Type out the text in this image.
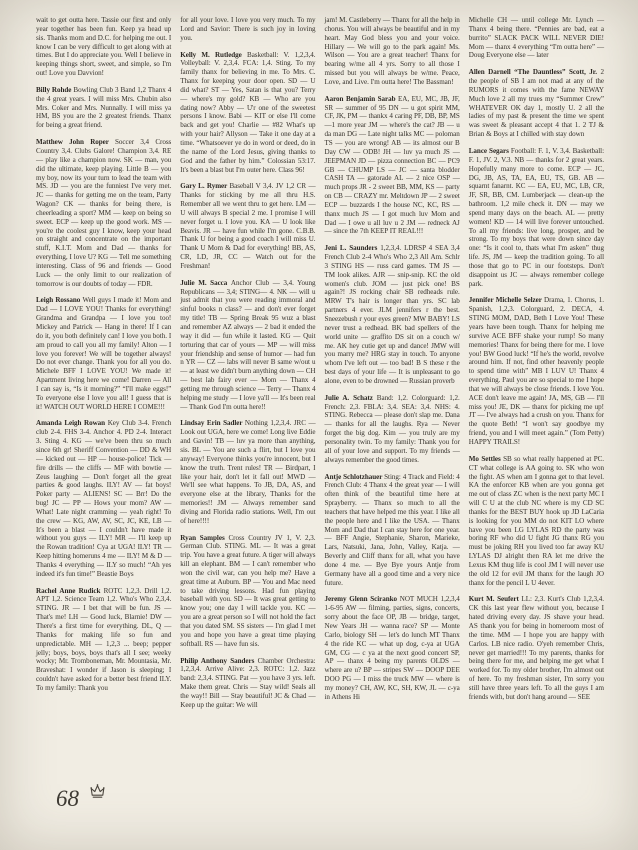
wait to get outta here. Tassie our first and only year together has been fun. Keep ya head up sis. Thanks mom and D.C. for helping me out. I know I can be very difficult to get along with at times. But I do appreciate you. Well I believe in keeping things short, sweet, and simple, so I'm out! Love you Davvion!

Billy Rohde Bowling Club 3 Band 1,2 Thanx 4 the 4 great years. I will miss Mrs. Chubin also Mrs. Coker and Mrs. Nunnally. I will miss ya HM, BS you are the 2 greatest friends. Thanx for being a great friend.

Matthew John Roper Soccer 3,4 Cross Country 3,4. Clubs Galore! Champion 3,4. RE — play like a champion now. SK — man, you did the ultimate, keep playing. Little B — you my boy, now its your turn to lead the team with MS. JD — you are the funniest I've very met. JC — thanks for getting me on the team, Party Wagon? CK — thanks for being there, is cheerleading a sport? MM — keep on being so sweet. ECP — keep up the good work. MS — you're the coolest guy I know, keep your head on straight and concentrate on the important stuff, K.I.T. Mom and Dad — thanks for everything, I love U? KG — Tell me something interesting. Class of 96 and friends — Good Luck — the only limit to our realization of tomorrow is our doubts of today — FDR.

Leigh Rossano Well guys I made it! Mom and Dad — I LOVE YOU! Thanks for everything! Grandma and Grandpa — I love you too! Mickey and Patrick — Hang in there! If I can do it, you both definitely can! I love you both. I am proud to call you all my family! Alton — I love you forever! We will be together always! Do not ever change. Thank you for all you do. Michele BFF I LOVE YOU! We made it! Apartment living here we come! Darren — All I can say is, “Is it morning?” “I'll make eggs!” To everyone else I love you all! I guess that is it! WATCH OUT WORLD HERE I COME!!!

Amanda Leigh Rowan Key Club 3-4. French club 2-4. FHS 3-4. Anchor 4. PD 2-4. Interact 3. Sting 4. KG — we've been thru so much since 6th gr! Sheriff Convention — DD & WH — kicked out — HP — house-police! Tick — fire drills — the cliffs — MF with bowtie — Zeus laughing — Don't forget all the great parties & good laughs. ILY! AV — fat boys! Poker party — ALIENS! SC — Brr! Do the bug! JC — PP — Hows your mom? AW — What! Late night cramming — yeah right! To the crew — KG, AW, AV, SC, JC, KE, LB — It's been a blast — I couldn't have made it without you guys — ILY! MR — I'll keep up the Rowan tradition! Cya at UGA! ILY! TR — Keep hitting homeruns 4 me — ILY! M & D — Thanks 4 everything — ILY so much! “Ah yes indeed it's fun time!” Beastie Boys

Rachel Anne Rudick ROTC 1,2,3. Drill 1,2. APT 1,2. Science Team 1,2. Who's Who 2,3,4. STING. JR — I bet that will be fun. JS — That's me! LH — Good luck, Blarnie! DW — There's a first time for everything. DL, Q — Thanks for making life so fun and unpredictable. MH — 1,2,3 ... beep; pepper jelly; boys, boys, boys that's all I see; weeky wocky; Mr. Tromboneman, Mr. Mountasia, Mr. Braveshat: I wonder if Jason is sleeping; I couldn't have asked for a better best friend ILY. To my family: Thank you

for all your love. I love you very much. To my Lord and Savior: There is such joy in loving you.

Kelly M. Rutledge Basketball: V. 1,2,3,4. Volleyball: V. 2,3,4. FCA: 1,4. Sting. To my family thanx for believing in me. To Mrs. C. Thanx for keeping your door open. SD — U did what? ST — Yes, Satan is that you? Terry — where's my gold? KB — Who are you dating now? Abby — U'r one of the sweetest persons I know. Babi — KIT or else I'll come back and get you! Charlie — #82 What's up with your hair? Allyson — Take it one day at a time. “Whatsoever ye do in word or deed, do in the name of the Lord Jesus, giving thanks to God and the father by him.” Colossian 53:17. It's been a blast but I'm outer here. Class 96!

Gary L. Rymer Baseball V 3,4. JV 1,2 CR — Thanks for sticking by me all thru H.S. Remember all we went thru to get here. LM — U will always B special 2 me. I promise I will never forget u. I love you. KA — U look like Beavis. JR — have fun while I'm gone. C.B.B. Thank U for being a good coach I will miss U. Thank U Mom & Dad for everything! BB, AS, CR, LD, JR, CC — Watch out for the Freshman!

Julie M. Sacca Anchor Club — 3,4. Young Republicans — 3,4; STING— 4. NK — will u just admit that you were reading immoral and sinful books n class? — and don't ever forget my title! TB — Spring Break 95 wuz a blast and remember AZ always — 2 bad it ended the way it did — fun while it lasted. KG — Quit torturing that car of yours — MP — will miss your friendship and sense of humor — had fun n YR — CZ — labs will never B same w/out u — at least we didn't burn anything down — CH — best lab fairy ever — Mom — Thanx 4 getting me through science — Terry — Thanx 4 helping me study — I love ya'll — It's been real — Thank God I'm outta here!!

Lindsay Erin Sadler Nothing 1,2,3,4. JRC — Look out UGA, here we come! Long live Eddie and Gavin! TB — luv ya more than anything, sis. BL — You are such a flirt, but I love you anyway! Everyone thinks you're innocent, but I know the truth. Trent rules! TR — Birdpart, I like your hair, don't let it fall out! MWD — We'll see what happens. To JB, DA, AS, and everyone else at the library, Thanks for the memories!! JM — Always remember sand diving and Florida radio stations. Well, I'm out of here!!!!

Ryan Samples Cross Country JV 1, V. 2,3. German Club. STING. ML — It was a great trip. You have a great future. A tiger will always kill an elephant. BM — I can't remember who won the civil war, can you help me? Have a great time at Auburn. BP — You and Mac need to take driving lessons. Had fun playing baseball with you. SD — It was great getting to know you; one day I will tackle you. KC — you are a great person so I will not hold the fact that you dated SM. SS sisters — I'm glad I met you and hope you have a great time playing softball. RS — have fun sis.

Philip Anthony Sanders Chamber Orchestra: 1,2,3,4. Arrive Alive: 2,3. ROTC: 1,2. Jazz band: 2,3,4. STING. Pat — you have 3 yrs. left. Make them great. Chris — Stay wild! Seals all the way!! Bill — Stay beautiful! JC & Chad — Keep up the guitar: We will

jam! M. Castleberry — Thanx for all the help in chorus. You will always be beautiful and in my heart. May God bless you and your voice. Hillary — We will go to the park again! Ms. Wilson — You are a great teacher! Thanx for bearing w/me all 4 yrs. Sorry to all those I missed but you will always be w/me. Peace, Love, and Live. I'm outta here! The Bassman!

Aaron Benjamin Sarab EA, EU, MC, JB, JF, SR — summer of 95 DN — u got spirit MM, CF, JK, PM — thankx 4 caring PF, DB, BP, MS —1 more year JM — where's the cat? JB — u da man DG — Late night talks MC — poloman TS — you are wrong! AB — its almost our B Day CW — ODB! JH — luv ya much JS — JEEPMAN JD — pizza connection BC — PC9 GB — CHUMP LS — JC — santa blodder CASH TA — gatorade AL — 2 nice OSP — much props JR - 2 sweet BB, MM, KS — party on CB — CRAZY mr. Meltdown JP — 2 sweet ECP — buzzards I the house NC, KC, RS — thanx much JS — I got much luv Mom and Dad — I owe u all luv u 2 JM — redneck AJ — since the 7th KEEP IT REAL!!!

Jeni L. Saunders 1,2,3,4. LDRSP 4 SEA 3,4 French Club 2-4 Who's Who 2,3 All Am. Schlr 3 STING HS — russ card games. TM JS — TM look alikes. AJR — snip-snip. KC the old women's club. JOM — just pick one! BS again?! JS rocking chair SB redheads rule. MRW T's hair is longer than yrs. SC lab partners 4 ever. JLM jennifers r the best. Sneezebush r your eyes green? MW BABY! LS never trust a redhead. BK bad spellers of the world unite — graffito DS sit on a couch w/ me. AK hey cutie get up and dance! JMW will you marry me? HRG stay in touch. To anyone whom I've left out — too bad! B S these r the best days of your life — It is unpleasant to go alone, even to be drowned — Russian proverb

Julie A. Schatz Band: 1,2. Colorguard: 1,2. French: 2,3. FBLA: 3,4. SEA: 3,4. NHS: 4. STING. Rebecca — please don't slap me. Dana — thanks for all the laughs. Rya — Never forget the big dog. Kim — you truly are my personality twin. To my family: Thank you for all of your love and support. To my friends — always remember the good times.

Antje Schlotzhauer Sting: 4 Track and Field: 4 French Club: 4 Thanx 4 the great year — I will often think of the beautiful time here at Sprayberry. — Thanx so much to all the teachers that have helped me this year. I like all the people here and I like the USA. — Thanx Mom and Dad that I can stay here for one year. — BFF Angie, Stephanie, Sharon, Marieke, Lars, Natsuki, Jana, John, Valley, Katja. — Beverly and Cliff thanx for all, what you have done 4 me. — Bye Bye yours Antje from Germany have all a good time and a very nice future.

Jeremy Glenn Sciranko NOT MUCH 1,2,3,4 1-6-95 AW — filming, parties, signs, concerts, sorry about the face OP, JB — bridge, target, New Years JH — wanna race? SP — Monte Carlo, biology SH — let's do lunch MT Thanx 4 the ride KC — what up dog, c-ya at UGA GM, CG — c ya at the next good concert SP, AP — thanx 4 being my parents OLDS — where are u? BP — stripes SW — DOOP DEE DOO PG — I miss the truck MW — where is my money? CH, AW, KC, SH, KW, JL — c-ya in Athens Hi

Michelle CH — until college Mr. Lynch — Thanx 4 being there. “Pennies are bad, eat a burrito” SLACK PACK WILL NEVER DIE! Mom — thanx 4 everything “I'm outta here” — Doug Everyone else — later

Allen Darnell “The Dauntless” Scott, Jr. 2 the people of SB I am not mad at any of the RUMORS it comes with the fame NEWAY Much love 2 all my trues my “Summer Crew” WHATEVER OK day 1, mostly U. 2 all the ladies of my past & present the time we spent was sweet & pleasant accept 4 that 1. 2 TJ & Brian & Boys at I chilled with stay down

Lance Segars Football: F. 1, V. 3,4. Basketball: F. 1, JV. 2, V.3. NB — thanks for 2 great years. Hopefully many more to come. ECP — JC, DG, JB, AS, TA, EA, EU, TS, GB. AB — squarnt fanarnt. KC — EA, EU, MC, LB, CR, JF, SR, BB, CM. Lumberjack — clean-up the bathroom. 1,2 mile check it. DN — may we spend many days on the beach. AL — pretty women! KD — 14 will live forever untouched. To all my friends: live long, prosper, and be strong. To my boys that were down since day one: “Is it cool to, thats what I'm asken” thug life. JS, JM — keep the tradition going. To all those that go to PC in our footsteps. Don't disappoint us JC — always remember college park.

Jennifer Michelle Selzer Drama, 1. Chorus, 1. Spanish, 1,2,3. Colorguard, 2. DECA, 4. STING MOM, DAD, Beth I Love You! These years have been tough. Thanx for helping me survive ACE BFF shake your rump! So many memories! Thanx for being there for me. I love you! BW Good luck! “If he's the world, revolve around him. If not, find other heavenly people to spend time with” MB I LUV U! Thanx 4 everything. Paul you are so special to me I hope that we will always be close friends. I love You. ACE don't leave me again! JA, MS, GB — I'll miss you! JE, DK — thanx for picking me up! JT — I've always had a crush on you. Thanx for the quote Beth! “I won't say goodbye my friend, you and I will meet again.” (Tom Petty) HAPPY TRAILS!

Mo Settles SB so what really happened at PC. CT what college is AA going to. SK who won the fight. AS when am I gonna get to that level. KA the enforcer KB when are you gonna get me out of class ZC when is the next party MC I will C U at the club NC where is my CD SC thanks for the BEST BUY hook up JD LaCaria is looking for you MM do not KIT LO where have you been LG LYLAS RD the party was boring RF who did U fight JG thanx RG you must be joking RH you lived too far away KU LYLAS DJ alright then RA let me drive the Lexus KM thug life is cool JM I will never use the old 12 for evil JM thanx for the laugh JO thanx for the pencil L U 4ever.

Kurt M. Seufert LL: 2,3. Kurt's Club 1,2,3,4. CK this last year flew without you, because I hated driving every day. JS shave your head. AS thank you for being in homeroom most of the time. MM — I hope you are happy with Carlos. LB nice radio. O'yeh remember Chris, never get married!!! To my parents, thanks for being there for me, and helping me get what I worked for. To my older brother, I'm almost out of here. To my freshman sister, I'm sorry you still have three years left. To all the guys I am friends with, but don't hang around — SEE

68
